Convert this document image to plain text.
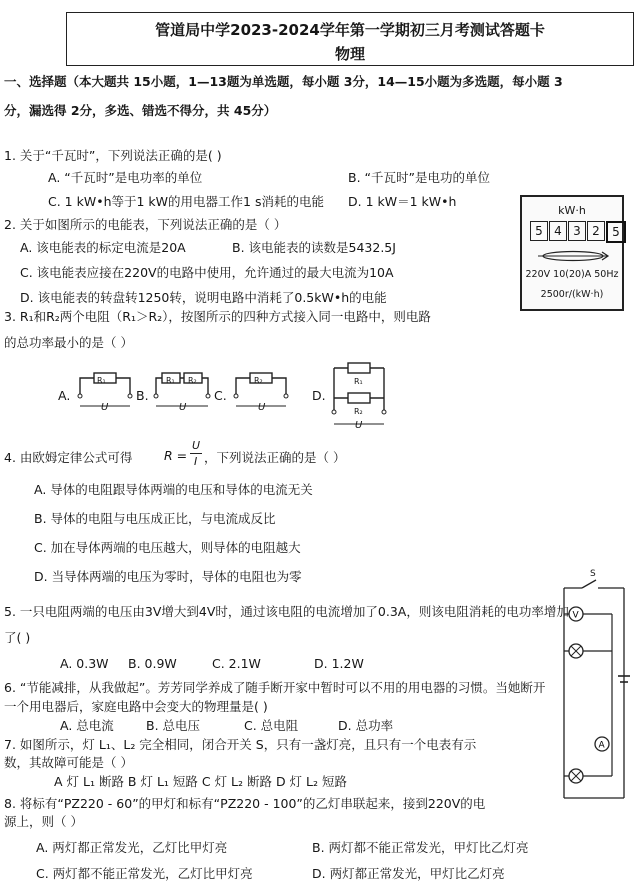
管道局中学2023-2024学年第一学期初三月考测试答题卡
物理
一、选择题（本大题共 15小题，1—13题为单选题，每小题 3分，14—15小题为多选题，每小题 3
分，漏选得 2分，多选、错选不得分，共 45分）
1. 关于“千瓦时”，下列说法正确的是( )
A. “千瓦时”是电功率的单位	B. “千瓦时”是电功的单位
C. 1 kW•h等于1 kW的用电器工作1 s消耗的电能 D. 1 kW＝1 kW•h
2. 关于如图所示的电能表，下列说法正确的是（ ）
A. 该电能表的标定电流是20A	B. 该电能表的读数是5432.5J
C. 该电能表应接在220V的电路中使用，允许通过的最大电流为10A
D. 该电能表的转盘转1250转，说明电路中消耗了0.5kW•h的电能
kW·h
5 4 3 2	5
220V 10(20)A 50Hz
2500r/(kW·h)
3. R₁和R₂两个电阻（R₁＞R₂），按图所示的四种方式接入同一电路中，则电路
的总功率最小的是（ ）
A.	B.	C.	D.
R₁
U
R₁ R₂
U
R₂
U
R₁
R₂
U
4. 由欧姆定律公式可得	R =
U
I ，下列说法正确的是（ ）
A. 导体的电阻跟导体两端的电压和导体的电流无关
B. 导体的电阻与电压成正比，与电流成反比
C. 加在导体两端的电压越大，则导体的电阻越大
D. 当导体两端的电压为零时，导体的电阻也为零
5. 一只电阻两端的电压由3V增大到4V时，通过该电阻的电流增加了0.3A，则该电阻消耗的电功率增加
了( )
A. 0.3W B. 0.9W	C. 2.1W	D. 1.2W
6. “节能减排，从我做起”。芳芳同学养成了随手断开家中暂时可以不用的用电器的习惯。当她断开
一个用电器后，家庭电路中会变大的物理量是( )
A. 总电流	B. 总电压	C. 总电阻	D. 总功率
7. 如图所示，灯 L₁、L₂ 完全相同，闭合开关 S，只有一盏灯亮，且只有一个电表有示
数，其故障可能是（ ）
A 灯 L₁ 断路 B 灯 L₁ 短路 C 灯 L₂ 断路 D 灯 L₂ 短路
V
A
S
8. 将标有“PZ220 - 60”的甲灯和标有“PZ220 - 100”的乙灯串联起来，接到220V的电
源上，则（ ）
A. 两灯都正常发光，乙灯比甲灯亮	B. 两灯都不能正常发光，甲灯比乙灯亮
C. 两灯都不能正常发光，乙灯比甲灯亮	D. 两灯都正常发光，甲灯比乙灯亮
